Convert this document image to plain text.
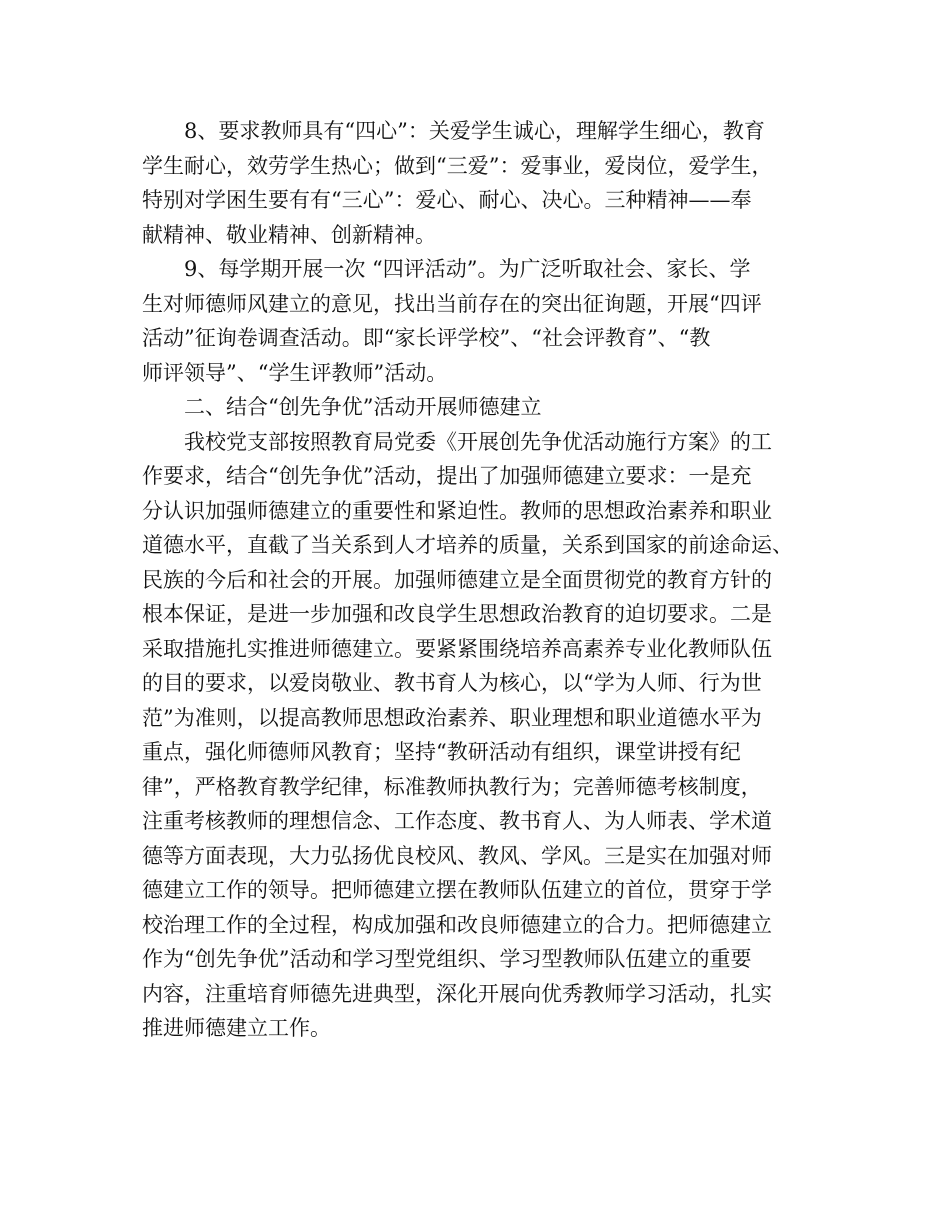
8、要求教师具有“四心”：关爱学生诚心，理解学生细心，教育
学生耐心，效劳学生热心；做到“三爱”：爱事业，爱岗位，爱学生，
特别对学困生要有有“三心”：爱心、耐心、决心。三种精神——奉
献精神、敬业精神、创新精神。
9、每学期开展一次 “四评活动”。为广泛听取社会、家长、学
生对师德师风建立的意见，找出当前存在的突出征询题，开展“四评
活动”征询卷调查活动。即“家长评学校”、“社会评教育”、“教
师评领导”、“学生评教师”活动。
二、结合“创先争优”活动开展师德建立
我校党支部按照教育局党委《开展创先争优活动施行方案》的工
作要求，结合“创先争优”活动，提出了加强师德建立要求：一是充
分认识加强师德建立的重要性和紧迫性。教师的思想政治素养和职业
道德水平，直截了当关系到人才培养的质量，关系到国家的前途命运、
民族的今后和社会的开展。加强师德建立是全面贯彻党的教育方针的
根本保证，是进一步加强和改良学生思想政治教育的迫切要求。二是
采取措施扎实推进师德建立。要紧紧围绕培养高素养专业化教师队伍
的目的要求，以爱岗敬业、教书育人为核心，以“学为人师、行为世
范”为准则，以提高教师思想政治素养、职业理想和职业道德水平为
重点，强化师德师风教育；坚持“教研活动有组织，课堂讲授有纪
律”，严格教育教学纪律，标准教师执教行为；完善师德考核制度，
注重考核教师的理想信念、工作态度、教书育人、为人师表、学术道
德等方面表现，大力弘扬优良校风、教风、学风。三是实在加强对师
德建立工作的领导。把师德建立摆在教师队伍建立的首位，贯穿于学
校治理工作的全过程，构成加强和改良师德建立的合力。把师德建立
作为“创先争优”活动和学习型党组织、学习型教师队伍建立的重要
内容，注重培育师德先进典型，深化开展向优秀教师学习活动，扎实
推进师德建立工作。
